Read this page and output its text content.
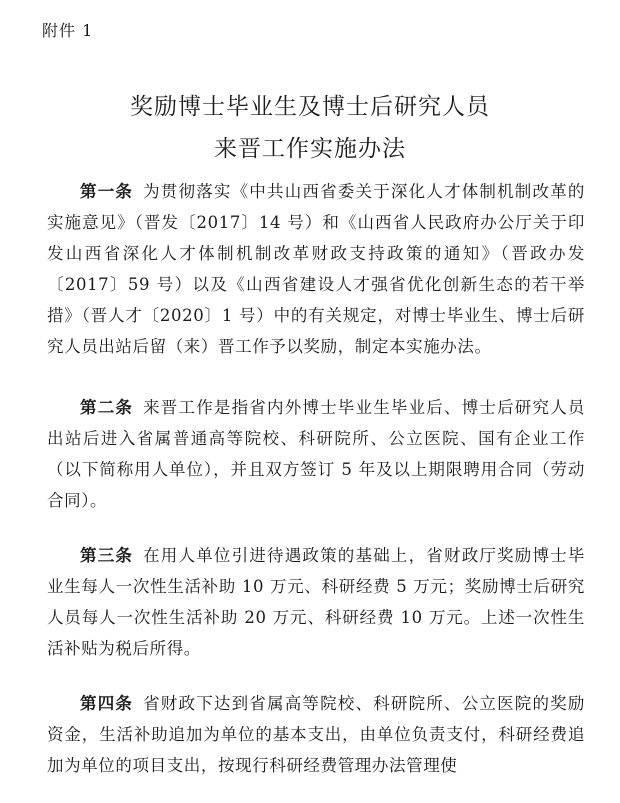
附件 1
奖励博士毕业生及博士后研究人员
来晋工作实施办法

第一条 为贯彻落实《中共山西省委关于深化人才体制机制改革的实施意见》（晋发〔2017〕14 号）和《山西省人民政府办公厅关于印发山西省深化人才体制机制改革财政支持政策的通知》（晋政办发〔2017〕59 号）以及《山西省建设人才强省优化创新生态的若干举措》（晋人才〔2020〕1 号）中的有关规定，对博士毕业生、博士后研究人员出站后留（来）晋工作予以奖励，制定本实施办法。

第二条 来晋工作是指省内外博士毕业生毕业后、博士后研究人员出站后进入省属普通高等院校、科研院所、公立医院、国有企业工作（以下简称用人单位），并且双方签订 5 年及以上期限聘用合同（劳动合同）。

第三条 在用人单位引进待遇政策的基础上，省财政厅奖励博士毕业生每人一次性生活补助 10 万元、科研经费 5 万元；奖励博士后研究人员每人一次性生活补助 20 万元、科研经费 10 万元。上述一次性生活补贴为税后所得。

第四条 省财政下达到省属高等院校、科研院所、公立医院的奖励资金，生活补助追加为单位的基本支出，由单位负责支付，科研经费追加为单位的项目支出，按现行科研经费管理办法管理使
